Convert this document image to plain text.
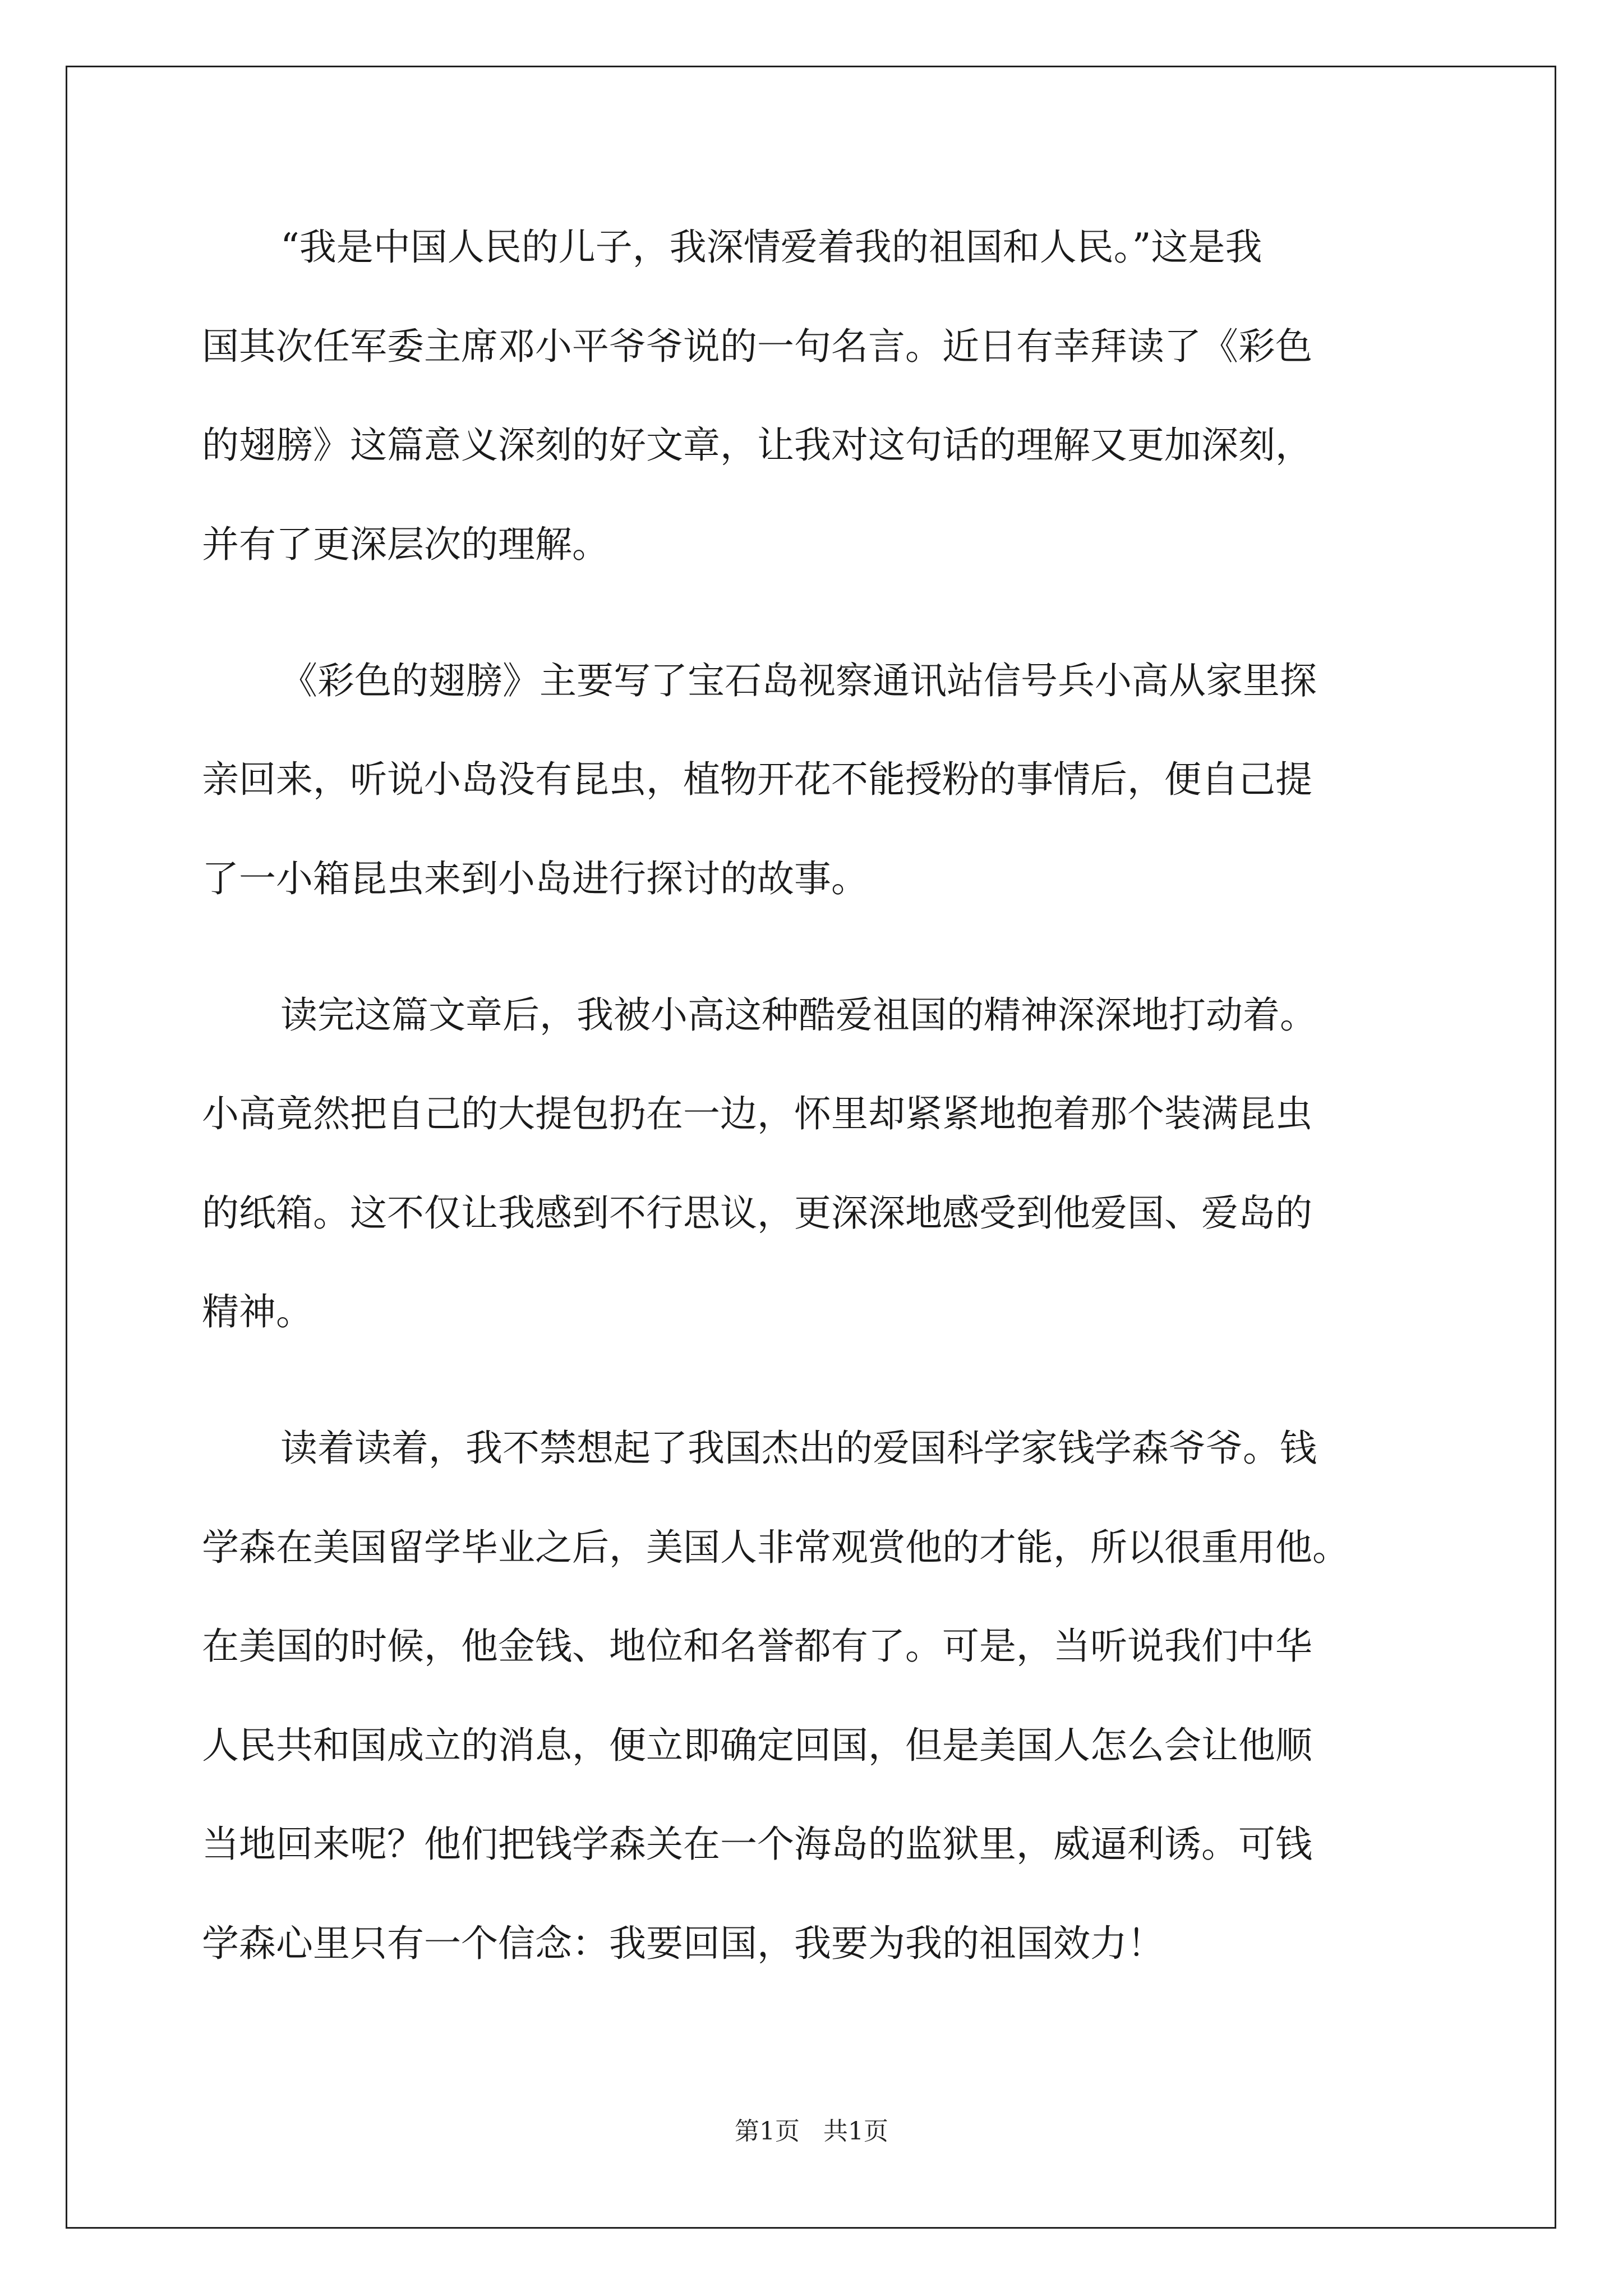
“我是中国人民的儿子，我深情爱着我的祖国和人民。”这是我
国其次任军委主席邓小平爷爷说的一句名言。近日有幸拜读了《彩色
的翅膀》这篇意义深刻的好文章，让我对这句话的理解又更加深刻，
并有了更深层次的理解。
《彩色的翅膀》主要写了宝石岛视察通讯站信号兵小高从家里探
亲回来，听说小岛没有昆虫，植物开花不能授粉的事情后，便自己提
了一小箱昆虫来到小岛进行探讨的故事。
读完这篇文章后，我被小高这种酷爱祖国的精神深深地打动着。
小高竟然把自己的大提包扔在一边，怀里却紧紧地抱着那个装满昆虫
的纸箱。这不仅让我感到不行思议，更深深地感受到他爱国、爱岛的
精神。
读着读着，我不禁想起了我国杰出的爱国科学家钱学森爷爷。钱
学森在美国留学毕业之后，美国人非常观赏他的才能，所以很重用他。
在美国的时候，他金钱、地位和名誉都有了。可是，当听说我们中华
人民共和国成立的消息，便立即确定回国，但是美国人怎么会让他顺
当地回来呢？他们把钱学森关在一个海岛的监狱里，威逼利诱。可钱
学森心里只有一个信念：我要回国，我要为我的祖国效力！
第1页 共1页
